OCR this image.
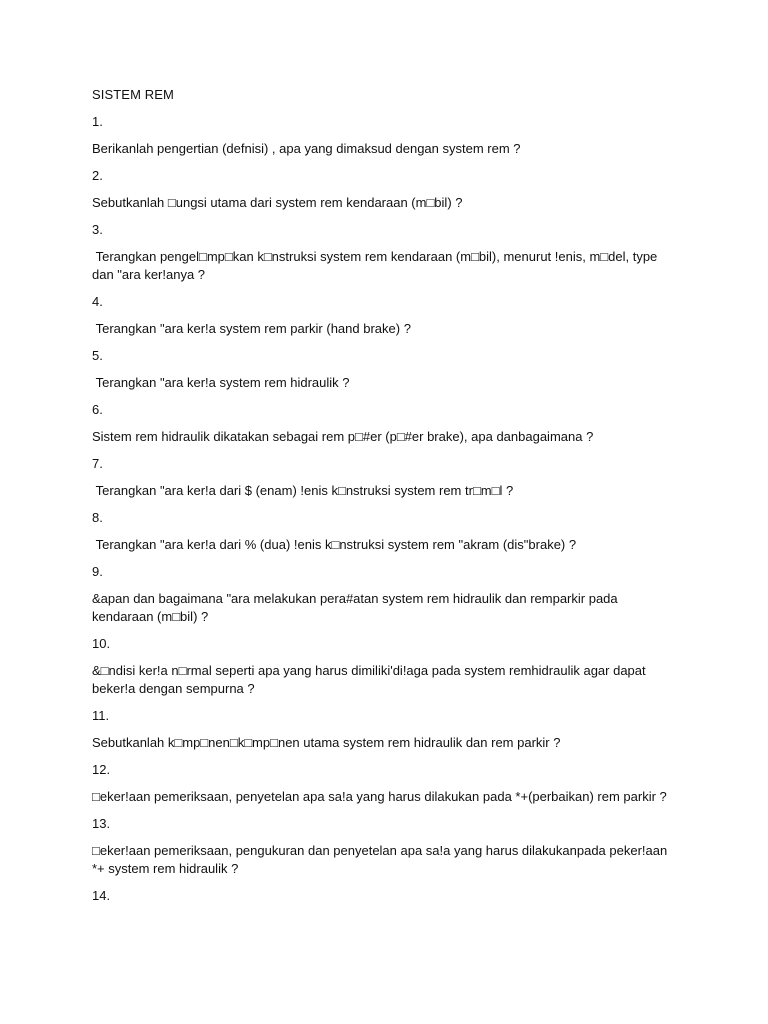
SISTEM REM

1.

Berikanlah pengertian (defnisi) , apa yang dimaksud dengan system rem ?

2.

Sebutkanlah □ungsi utama dari system rem kendaraan (m□bil) ?

3.

Terangkan pengel□mp□kan k□nstruksi system rem kendaraan (m□bil), menurut !enis, m□del, type
dan "ara ker!anya ?

4.

Terangkan "ara ker!a system rem parkir (hand brake) ?

5.

Terangkan "ara ker!a system rem hidraulik ?

6.

Sistem rem hidraulik dikatakan sebagai rem p□#er (p□#er brake), apa danbagaimana ?

7.

Terangkan "ara ker!a dari $ (enam) !enis k□nstruksi system rem tr□m□l ?

8.

Terangkan "ara ker!a dari % (dua) !enis k□nstruksi system rem "akram (dis"brake) ?

9.

&apan dan bagaimana "ara melakukan pera#atan system rem hidraulik dan remparkir pada
kendaraan (m□bil) ?

10.

&□ndisi ker!a n□rmal seperti apa yang harus dimiliki'di!aga pada system remhidraulik agar dapat
beker!a dengan sempurna ?

11.

Sebutkanlah k□mp□nen□k□mp□nen utama system rem hidraulik dan rem parkir ?

12.

□eker!aan pemeriksaan, penyetelan apa sa!a yang harus dilakukan pada *+(perbaikan) rem parkir ?

13.

□eker!aan pemeriksaan, pengukuran dan penyetelan apa sa!a yang harus dilakukanpada peker!aan
*+ system rem hidraulik ?

14.
